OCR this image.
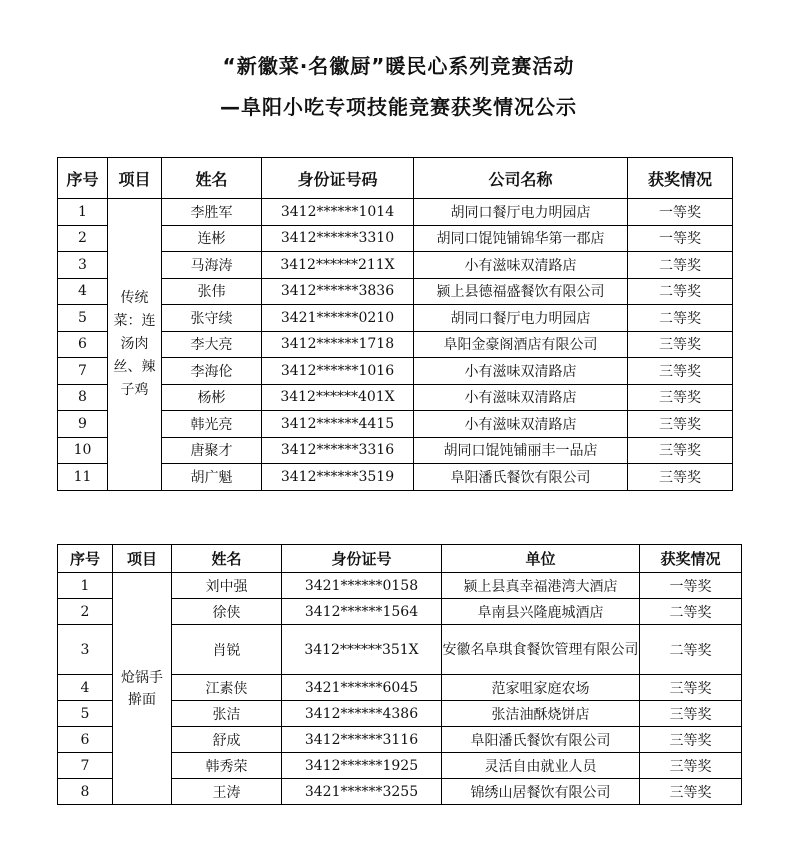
“新徽菜·名徽厨”暖民心系列竞赛活动
—阜阳小吃专项技能竞赛获奖情况公示
序号	项目	姓名	身份证号码	公司名称	获奖情况
1	传统菜：连汤肉丝、辣子鸡	李胜军	3412******1014	胡同口餐厅电力明园店	一等奖
2		连彬	3412******3310	胡同口馄饨铺锦华第一郡店	一等奖
3		马海涛	3412******211X	小有滋味双清路店	二等奖
4		张伟	3412******3836	颍上县德福盛餐饮有限公司	二等奖
5		张守续	3421******0210	胡同口餐厅电力明园店	二等奖
6		李大亮	3412******1718	阜阳金豪阁酒店有限公司	三等奖
7		李海伦	3412******1016	小有滋味双清路店	三等奖
8		杨彬	3412******401X	小有滋味双清路店	三等奖
9		韩光亮	3412******4415	小有滋味双清路店	三等奖
10		唐聚才	3412******3316	胡同口馄饨铺丽丰一品店	三等奖
11		胡广魁	3412******3519	阜阳潘氏餐饮有限公司	三等奖
序号	项目	姓名	身份证号	单位	获奖情况
1	炝锅手擀面	刘中强	3421******0158	颍上县真幸福港湾大酒店	一等奖
2		徐侠	3412******1564	阜南县兴隆鹿城酒店	二等奖
3		肖锐	3412******351X	安徽名阜琪食餐饮管理有限公司	二等奖
4		江素侠	3421******6045	范家咀家庭农场	三等奖
5		张洁	3412******4386	张洁油酥烧饼店	三等奖
6		舒成	3412******3116	阜阳潘氏餐饮有限公司	三等奖
7		韩秀荣	3412******1925	灵活自由就业人员	三等奖
8		王涛	3421******3255	锦绣山居餐饮有限公司	三等奖
